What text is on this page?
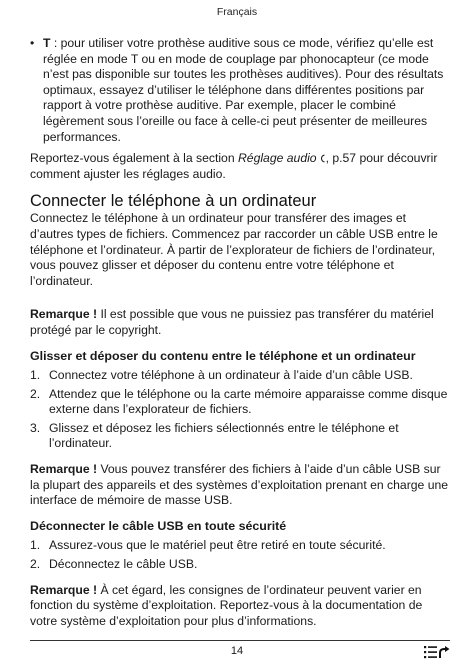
Français
• T : pour utiliser votre prothèse auditive sous ce mode, vérifiez qu’elle est réglée en mode T ou en mode de couplage par phonocapteur (ce mode n’est pas disponible sur toutes les prothèses auditives). Pour des résultats optimaux, essayez d’utiliser le téléphone dans différentes positions par rapport à votre prothèse auditive. Par exemple, placer le combiné légèrement sous l’oreille ou face à celle-ci peut présenter de meilleures performances.

Reportez-vous également à la section Réglage audio , p.57 pour découvrir comment ajuster les réglages audio.

Connecter le téléphone à un ordinateur

Connectez le téléphone à un ordinateur pour transférer des images et d’autres types de fichiers. Commencez par raccorder un câble USB entre le téléphone et l’ordinateur. À partir de l’explorateur de fichiers de l’ordinateur, vous pouvez glisser et déposer du contenu entre votre téléphone et l’ordinateur.

Remarque ! Il est possible que vous ne puissiez pas transférer du matériel protégé par le copyright.

Glisser et déposer du contenu entre le téléphone et un ordinateur
1. Connectez votre téléphone à un ordinateur à l’aide d’un câble USB.
2. Attendez que le téléphone ou la carte mémoire apparaisse comme disque externe dans l’explorateur de fichiers.
3. Glissez et déposez les fichiers sélectionnés entre le téléphone et l’ordinateur.

Remarque ! Vous pouvez transférer des fichiers à l’aide d’un câble USB sur la plupart des appareils et des systèmes d’exploitation prenant en charge une interface de mémoire de masse USB.

Déconnecter le câble USB en toute sécurité
1. Assurez-vous que le matériel peut être retiré en toute sécurité.
2. Déconnectez le câble USB.

Remarque ! À cet égard, les consignes de l’ordinateur peuvent varier en fonction du système d’exploitation. Reportez-vous à la documentation de votre système d’exploitation pour plus d’informations.

14
